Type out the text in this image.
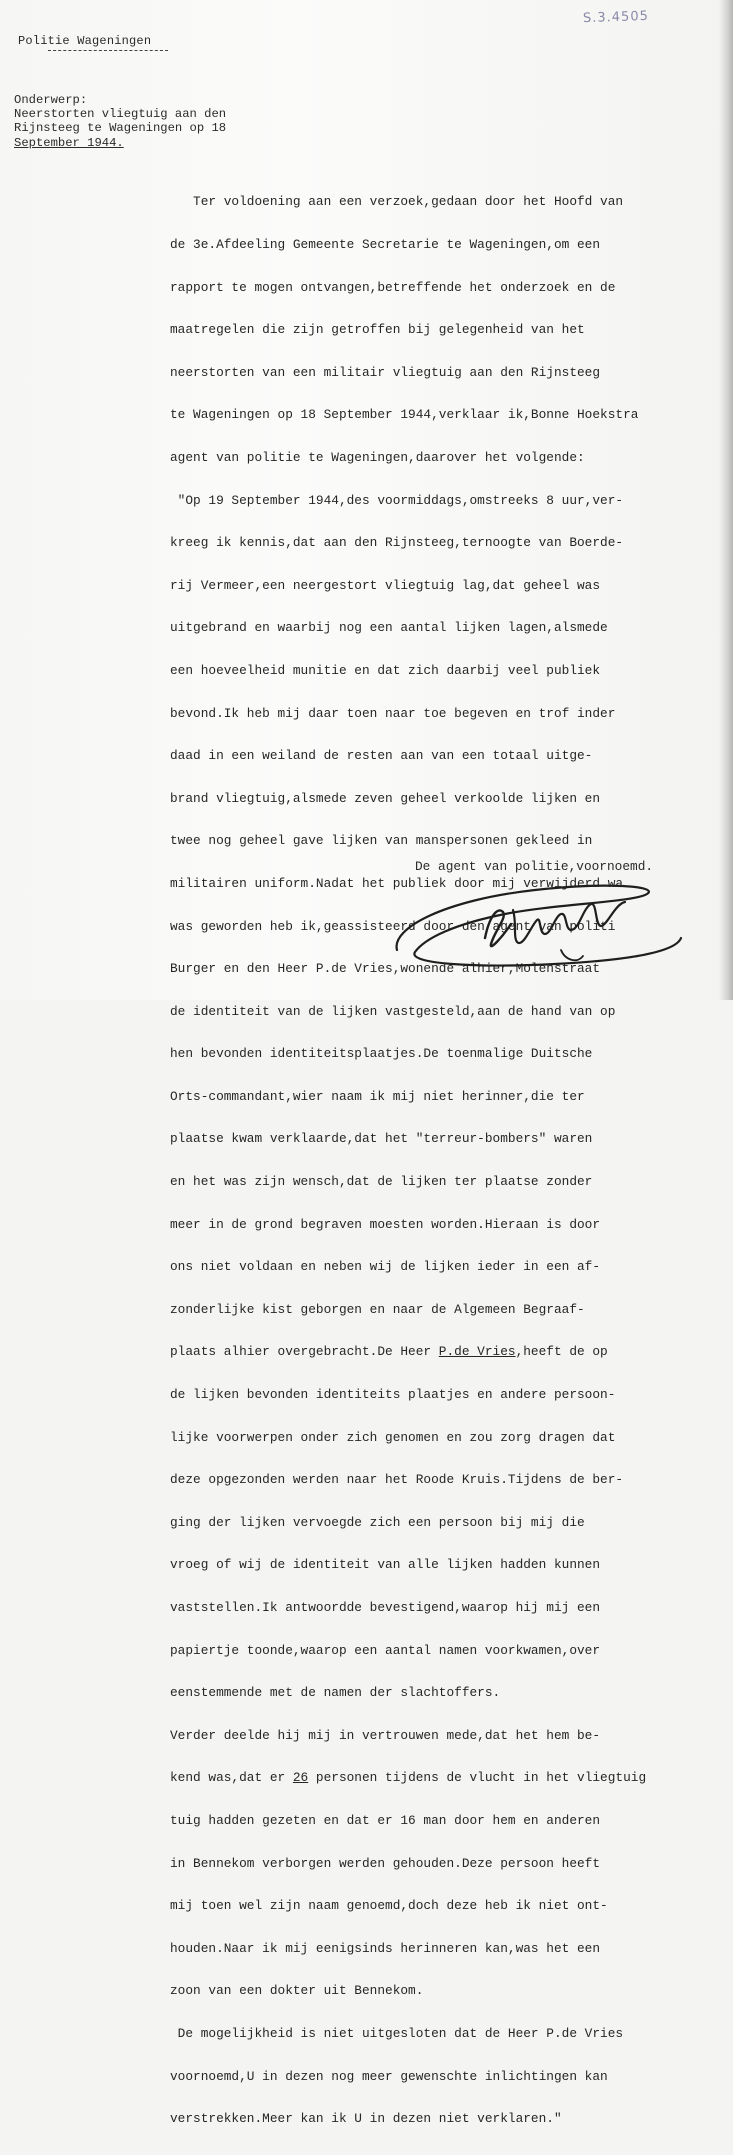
S.3.4505
Politie Wageningen
Onderwerp:
Neerstorten vliegtuig aan den
Rijnsteeg te Wageningen op 18
September 1944.

Ter voldoening aan een verzoek,gedaan door het Hoofd van

de 3e.Afdeeling Gemeente Secretarie te Wageningen,om een

rapport te mogen ontvangen,betreffende het onderzoek en de

maatregelen die zijn getroffen bij gelegenheid van het

neerstorten van een militair vliegtuig aan den Rijnsteeg

te Wageningen op 18 September 1944,verklaar ik,Bonne Hoekstra

agent van politie te Wageningen,daarover het volgende:

"Op 19 September 1944,des voormiddags,omstreeks 8 uur,ver-

kreeg ik kennis,dat aan den Rijnsteeg,ternoogte van Boerde-

rij Vermeer,een neergestort vliegtuig lag,dat geheel was

uitgebrand en waarbij nog een aantal lijken lagen,alsmede

een hoeveelheid munitie en dat zich daarbij veel publiek

bevond.Ik heb mij daar toen naar toe begeven en trof inder

daad in een weiland de resten aan van een totaal uitge-

brand vliegtuig,alsmede zeven geheel verkoolde lijken en

twee nog geheel gave lijken van manspersonen gekleed in

militairen uniform.Nadat het publiek door mij verwijderd wa

was geworden heb ik,geassisteerd door den agent van politi

Burger en den Heer P.de Vries,wonende alhier,Molenstraat

de identiteit van de lijken vastgesteld,aan de hand van op

hen bevonden identiteitsplaatjes.De toenmalige Duitsche

Orts-commandant,wier naam ik mij niet herinner,die ter

plaatse kwam verklaarde,dat het "terreur-bombers" waren

en het was zijn wensch,dat de lijken ter plaatse zonder

meer in de grond begraven moesten worden.Hieraan is door

ons niet voldaan en neben wij de lijken ieder in een af-

zonderlijke kist geborgen en naar de Algemeen Begraaf-

plaats alhier overgebracht.De Heer P.de Vries,heeft de op

de lijken bevonden identiteits plaatjes en andere persoon-

lijke voorwerpen onder zich genomen en zou zorg dragen dat

deze opgezonden werden naar het Roode Kruis.Tijdens de ber-

ging der lijken vervoegde zich een persoon bij mij die

vroeg of wij de identiteit van alle lijken hadden kunnen

vaststellen.Ik antwoordde bevestigend,waarop hij mij een

papiertje toonde,waarop een aantal namen voorkwamen,over

eenstemmende met de namen der slachtoffers.

Verder deelde hij mij in vertrouwen mede,dat het hem be-

kend was,dat er 26 personen tijdens de vlucht in het vliegtuig

tuig hadden gezeten en dat er 16 man door hem en anderen

in Bennekom verborgen werden gehouden.Deze persoon heeft

mij toen wel zijn naam genoemd,doch deze heb ik niet ont-

houden.Naar ik mij eenigsinds herinneren kan,was het een

zoon van een dokter uit Bennekom.

De mogelijkheid is niet uitgesloten dat de Heer P.de Vries

voornoemd,U in dezen nog meer gewenschte inlichtingen kan

verstrekken.Meer kan ik U in dezen niet verklaren."

De agent van politie,voornoemd.
